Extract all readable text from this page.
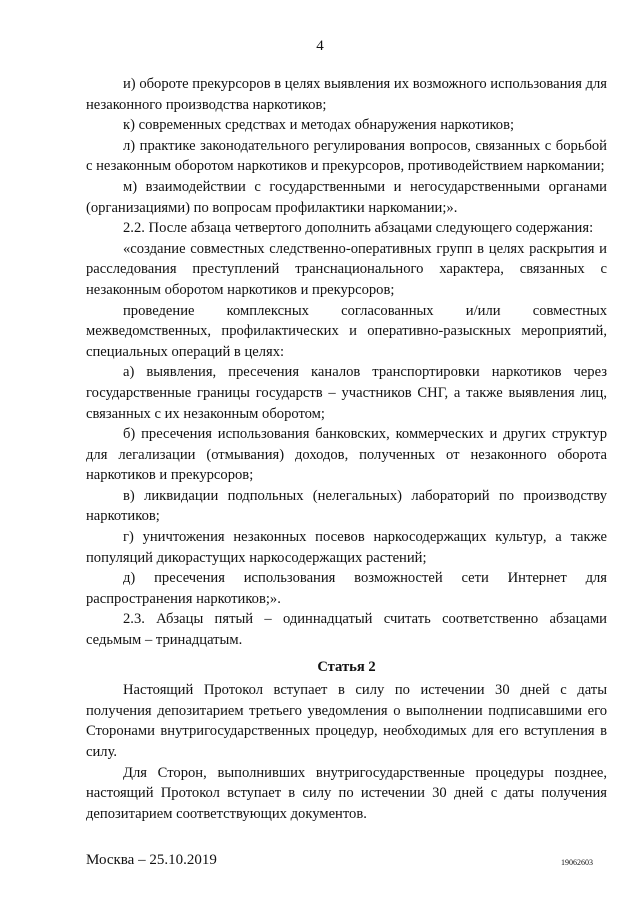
4

и) обороте прекурсоров в целях выявления их возможного использования для незаконного производства наркотиков;

к) современных средствах и методах обнаружения наркотиков;

л) практике законодательного регулирования вопросов, связанных с борьбой с незаконным оборотом наркотиков и прекурсоров, противодействием наркомании;

м) взаимодействии с государственными и негосударственными органами (организациями) по вопросам профилактики наркомании;».

2.2. После абзаца четвертого дополнить абзацами следующего содержания:

«создание совместных следственно-оперативных групп в целях раскрытия и расследования преступлений транснационального характера, связанных с незаконным оборотом наркотиков и прекурсоров;

проведение комплексных согласованных и/или совместных межведомственных, профилактических и оперативно-разыскных мероприятий, специальных операций в целях:

а) выявления, пресечения каналов транспортировки наркотиков через государственные границы государств – участников СНГ, а также выявления лиц, связанных с их незаконным оборотом;

б) пресечения использования банковских, коммерческих и других структур для легализации (отмывания) доходов, полученных от незаконного оборота наркотиков и прекурсоров;

в) ликвидации подпольных (нелегальных) лабораторий по производству наркотиков;

г) уничтожения незаконных посевов наркосодержащих культур, а также популяций дикорастущих наркосодержащих растений;

д) пресечения использования возможностей сети Интернет для распространения наркотиков;».

2.3. Абзацы пятый – одиннадцатый считать соответственно абзацами седьмым – тринадцатым.

Статья 2

Настоящий Протокол вступает в силу по истечении 30 дней с даты получения депозитарием третьего уведомления о выполнении подписавшими его Сторонами внутригосударственных процедур, необходимых для его вступления в силу.

Для Сторон, выполнивших внутригосударственные процедуры позднее, настоящий Протокол вступает в силу по истечении 30 дней с даты получения депозитарием соответствующих документов.

Москва – 25.10.2019	19062603
